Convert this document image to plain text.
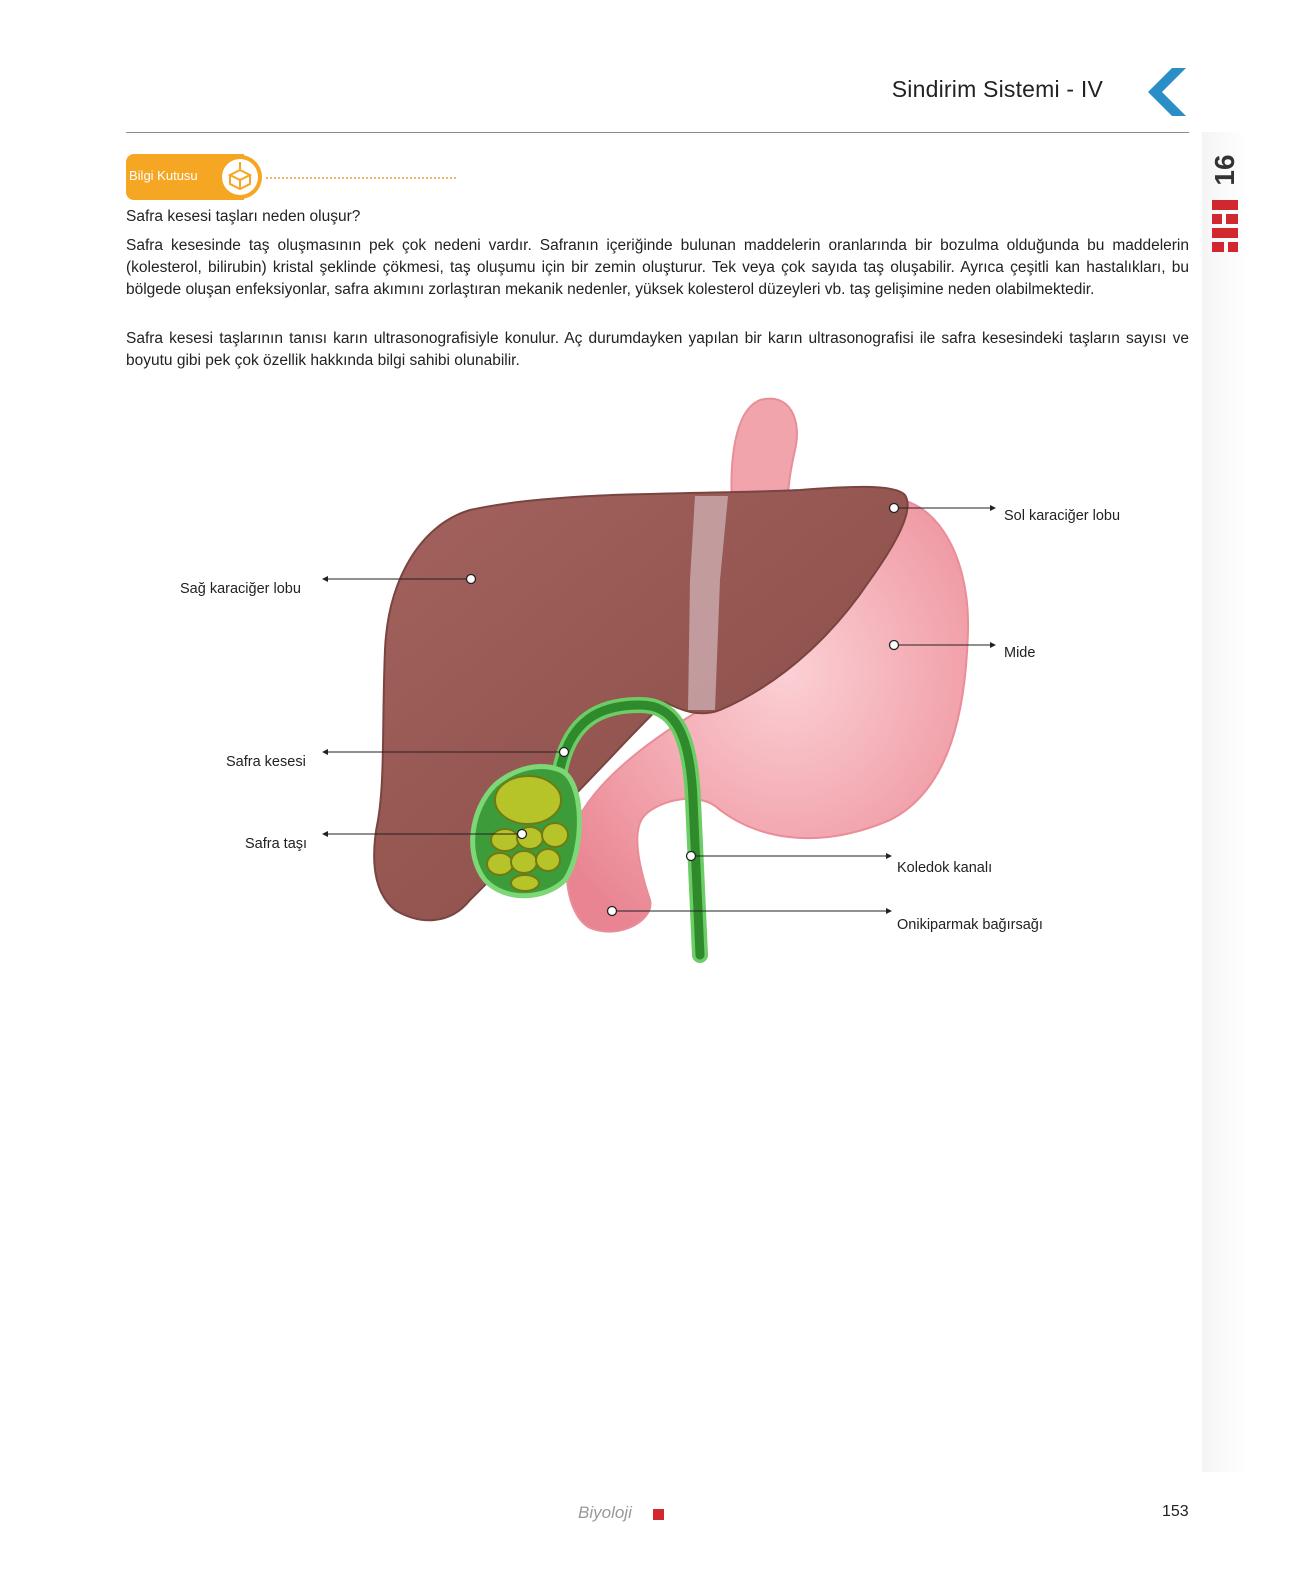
Sindirim Sistemi - IV
16
Bilgi Kutusu
Safra kesesi taşları neden oluşur?
Safra kesesinde taş oluşmasının pek çok nedeni vardır. Safranın içeriğinde bulunan maddelerin oranlarında bir bozulma olduğunda bu maddelerin (kolesterol, bilirubin) kristal şeklinde çökmesi, taş oluşumu için bir zemin oluşturur. Tek veya çok sayıda taş oluşabilir. Ayrıca çeşitli kan hastalıkları, bu bölgede oluşan enfeksiyonlar, safra akımını zorlaştıran mekanik nedenler, yüksek kolesterol düzeyleri vb. taş gelişimine neden olabilmektedir.
Safra kesesi taşlarının tanısı karın ultrasonografisiyle konulur. Aç durumdayken yapılan bir karın ultrasonografisi ile safra kesesindeki taşların sayısı ve boyutu gibi pek çok özellik hakkında bilgi sahibi olunabilir.
Sol karaciğer lobu
Sağ karaciğer lobu
Mide
Safra kesesi
Safra taşı
Koledok kanalı
Onikiparmak bağırsağı
Biyoloji	153
